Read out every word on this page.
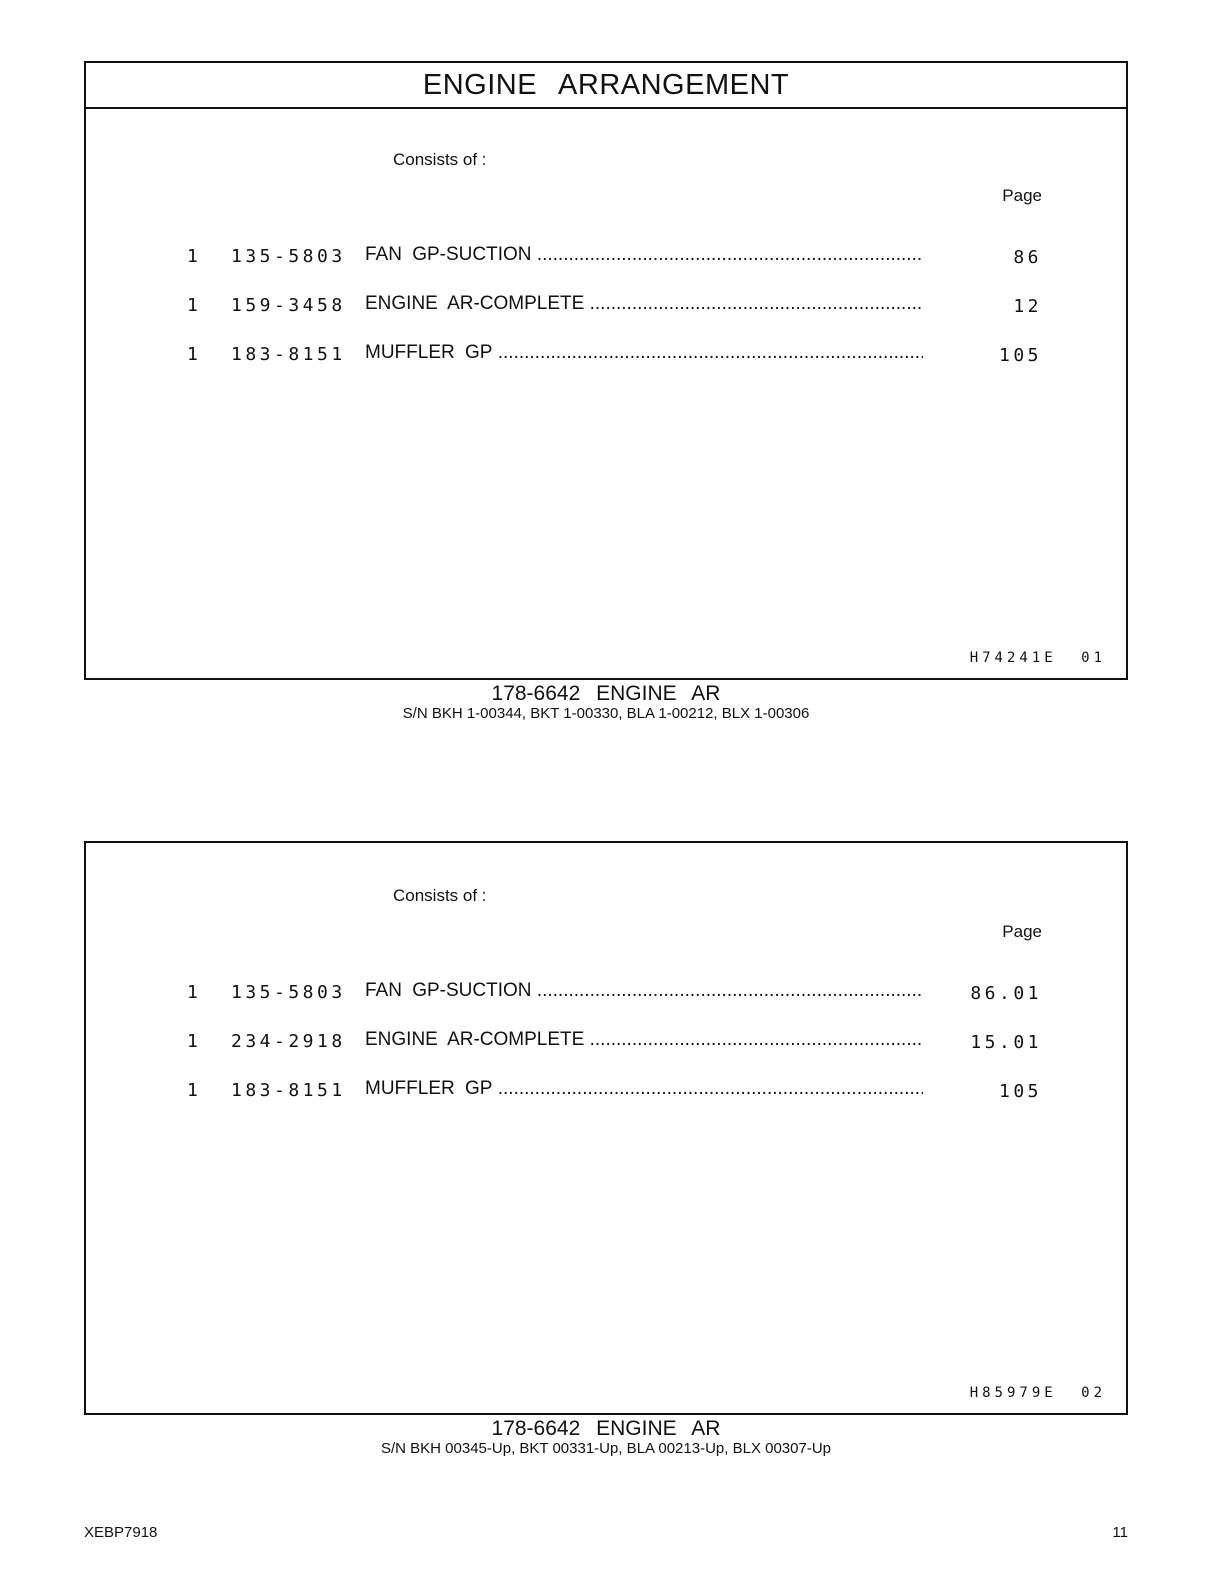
ENGINE ARRANGEMENT
Consists of :
Page
1 135-5803 FAN GP-SUCTION .....	86
1 159-3458 ENGINE AR-COMPLETE .....	12
1 183-8151 MUFFLER GP .....	105
H74241E 01
178-6642 ENGINE AR
S/N BKH 1-00344, BKT 1-00330, BLA 1-00212, BLX 1-00306
Consists of :
Page
1 135-5803 FAN GP-SUCTION .....	86.01
1 234-2918 ENGINE AR-COMPLETE .....	15.01
1 183-8151 MUFFLER GP .....	105
H85979E 02
178-6642 ENGINE AR
S/N BKH 00345-Up, BKT 00331-Up, BLA 00213-Up, BLX 00307-Up
XEBP7918	11
